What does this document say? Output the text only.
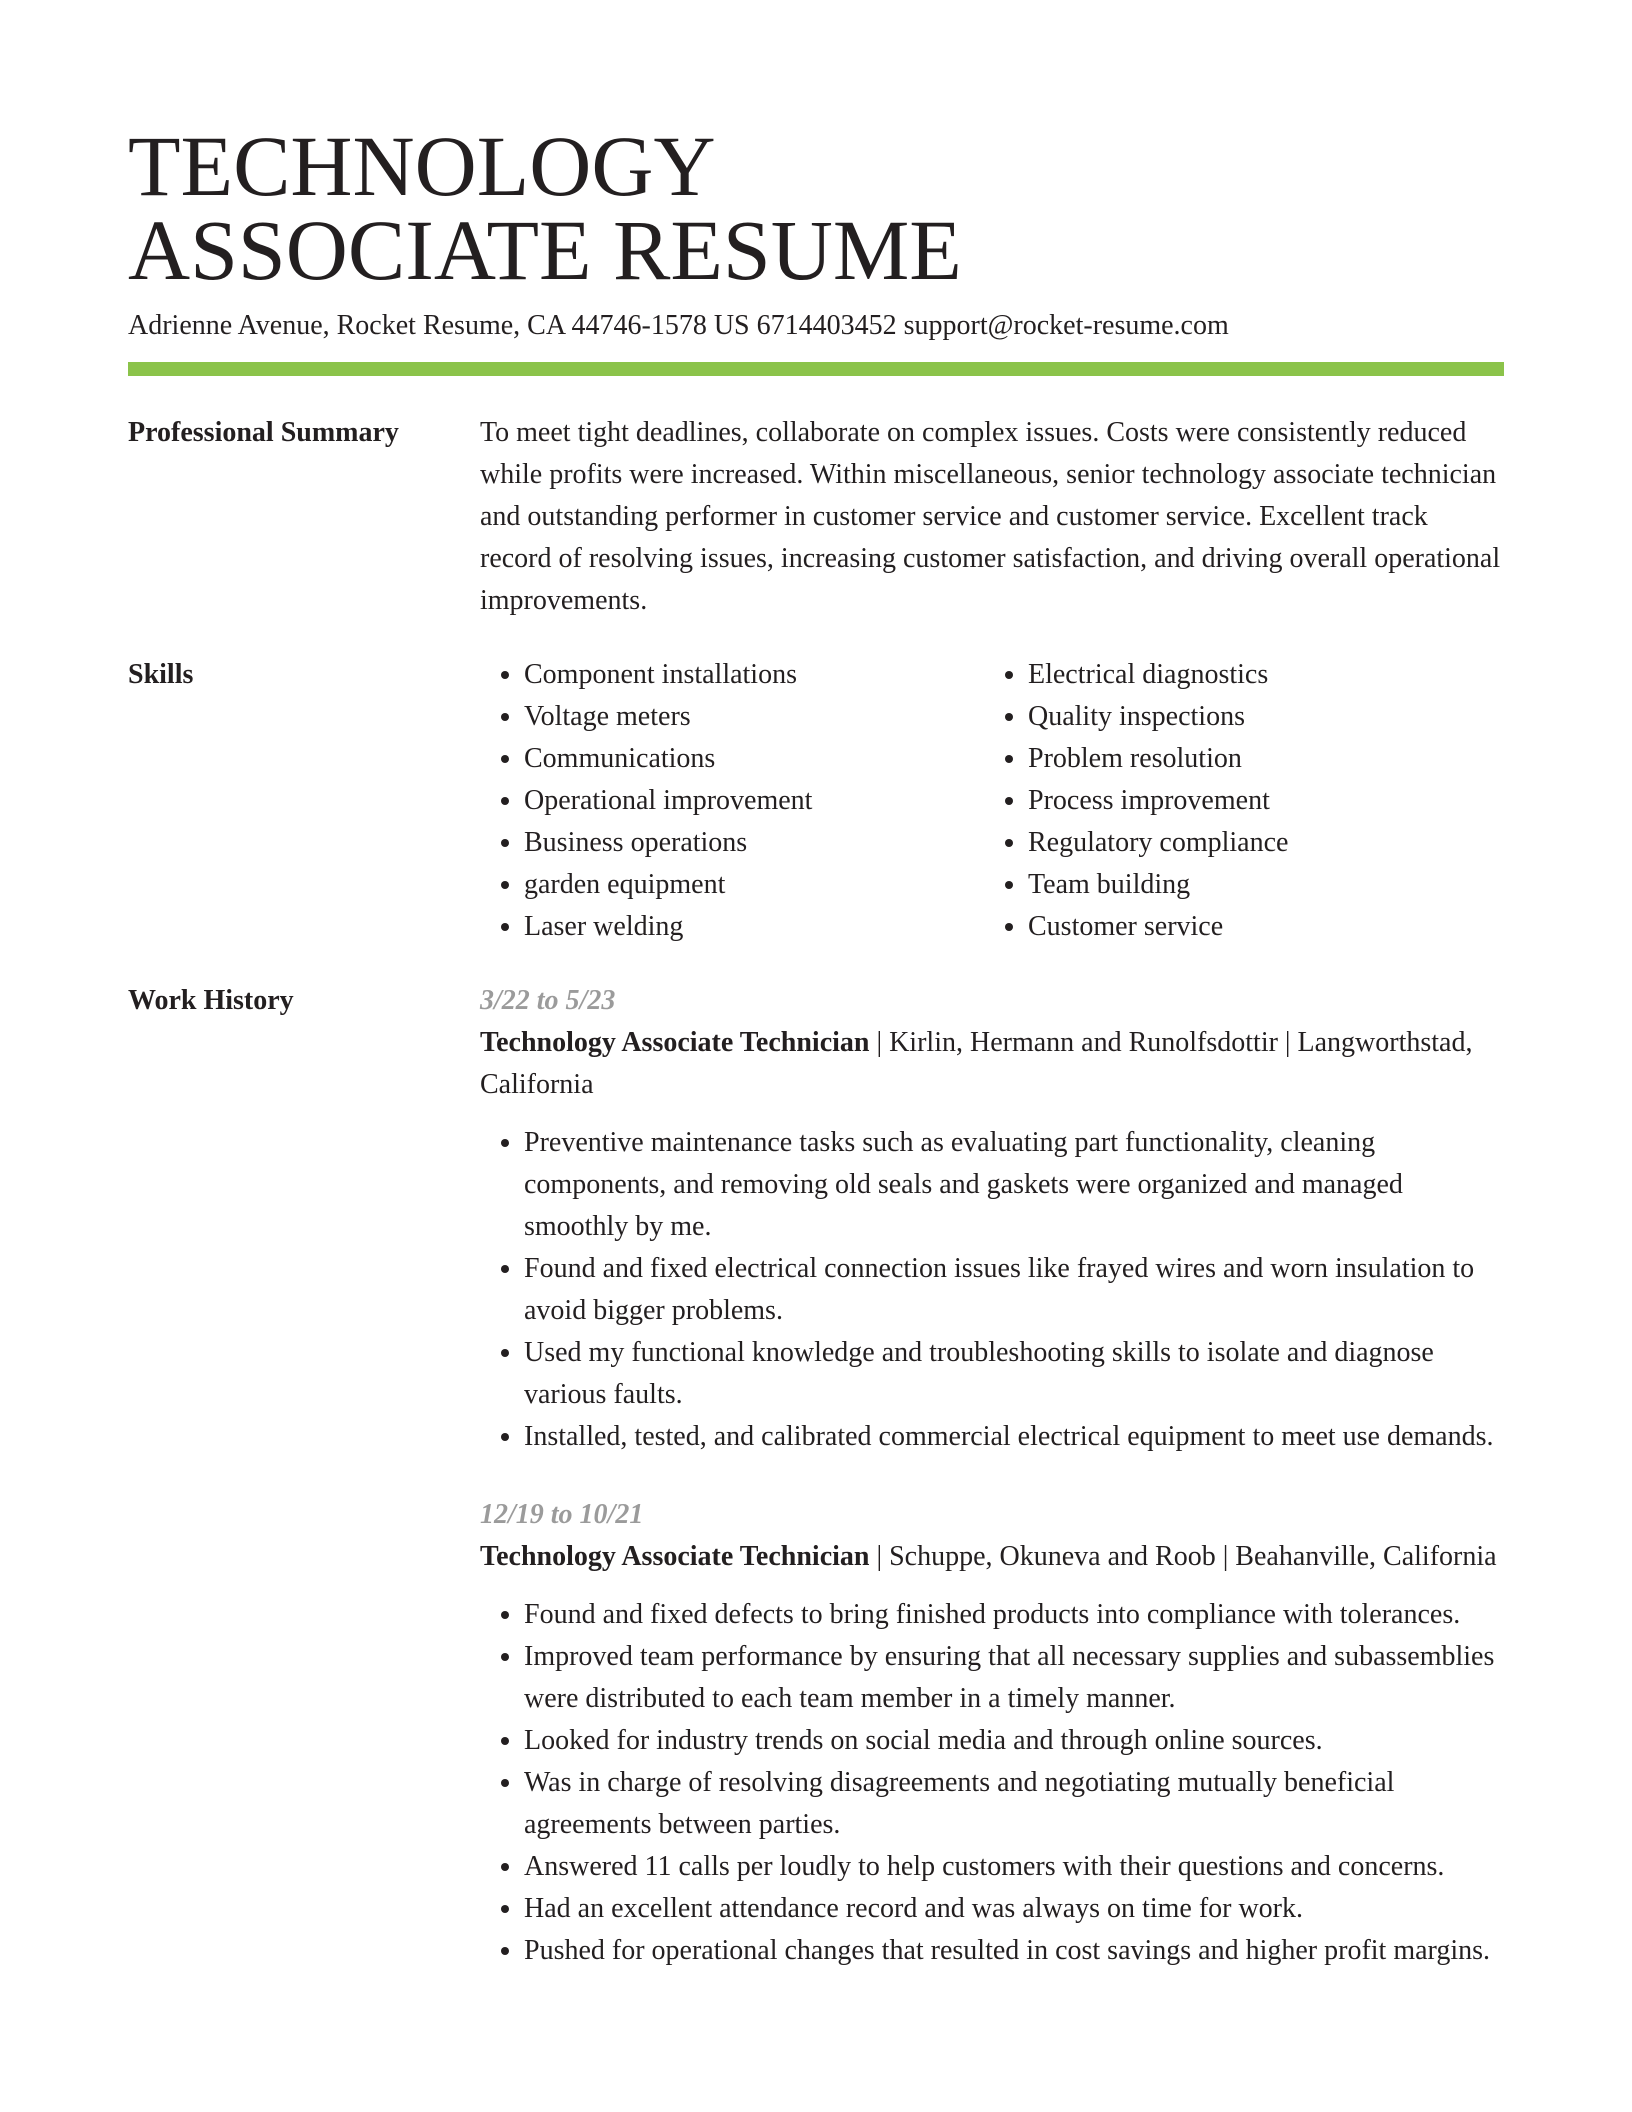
TECHNOLOGY
ASSOCIATE RESUME
Adrienne Avenue, Rocket Resume, CA 44746-1578 US 6714403452 support@rocket-resume.com
Professional Summary	To meet tight deadlines, collaborate on complex issues. Costs were consistently reduced while profits were increased. Within miscellaneous, senior technology associate technician and outstanding performer in customer service and customer service. Excellent track record of resolving issues, increasing customer satisfaction, and driving overall operational improvements.
Skills
•	Component installations
• Voltage meters
• Communications
• Operational improvement
• Business operations
• garden equipment
• Laser welding
• Electrical diagnostics
• Quality inspections
• Problem resolution
• Process improvement
• Regulatory compliance
• Team building
• Customer service
Work History	3/22 to 5/23
Technology Associate Technician | Kirlin, Hermann and Runolfsdottir | Langworthstad, California
• Preventive maintenance tasks such as evaluating part functionality, cleaning components, and removing old seals and gaskets were organized and managed smoothly by me.
• Found and fixed electrical connection issues like frayed wires and worn insulation to avoid bigger problems.
• Used my functional knowledge and troubleshooting skills to isolate and diagnose various faults.
• Installed, tested, and calibrated commercial electrical equipment to meet use demands.
12/19 to 10/21
Technology Associate Technician | Schuppe, Okuneva and Roob | Beahanville, California
• Found and fixed defects to bring finished products into compliance with tolerances.
• Improved team performance by ensuring that all necessary supplies and subassemblies were distributed to each team member in a timely manner.
• Looked for industry trends on social media and through online sources.
• Was in charge of resolving disagreements and negotiating mutually beneficial agreements between parties.
• Answered 11 calls per loudly to help customers with their questions and concerns.
• Had an excellent attendance record and was always on time for work.
• Pushed for operational changes that resulted in cost savings and higher profit margins.
